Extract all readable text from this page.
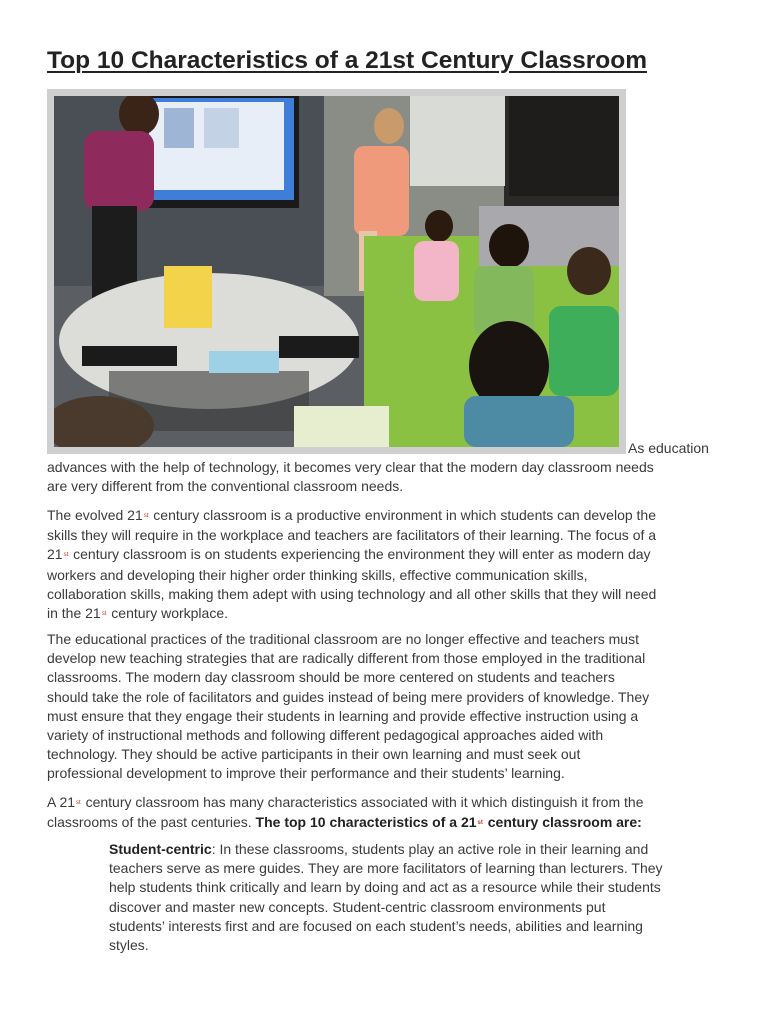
Top 10 Characteristics of a 21st Century Classroom
As education
advances with the help of technology, it becomes very clear that the modern day classroom needs
are very different from the conventional classroom needs.
The evolved 21st century classroom is a productive environment in which students can develop the
skills they will require in the workplace and teachers are facilitators of their learning. The focus of a
21st century classroom is on students experiencing the environment they will enter as modern day
workers and developing their higher order thinking skills, effective communication skills,
collaboration skills, making them adept with using technology and all other skills that they will need
in the 21st century workplace.
The educational practices of the traditional classroom are no longer effective and teachers must
develop new teaching strategies that are radically different from those employed in the traditional
classrooms. The modern day classroom should be more centered on students and teachers
should take the role of facilitators and guides instead of being mere providers of knowledge. They
must ensure that they engage their students in learning and provide effective instruction using a
variety of instructional methods and following different pedagogical approaches aided with
technology. They should be active participants in their own learning and must seek out
professional development to improve their performance and their students’ learning.
A 21st century classroom has many characteristics associated with it which distinguish it from the
classrooms of the past centuries. The top 10 characteristics of a 21st century classroom are:
Student-centric: In these classrooms, students play an active role in their learning and
teachers serve as mere guides. They are more facilitators of learning than lecturers. They
help students think critically and learn by doing and act as a resource while their students
discover and master new concepts. Student-centric classroom environments put
students’ interests first and are focused on each student’s needs, abilities and learning
styles.
